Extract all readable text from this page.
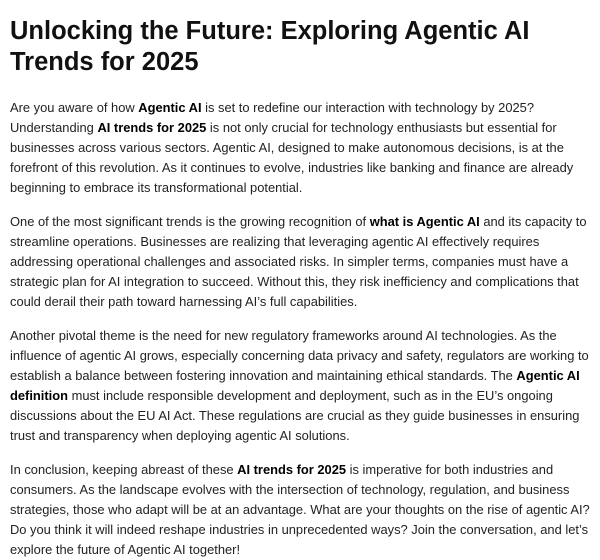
Unlocking the Future: Exploring Agentic AI Trends for 2025

Are you aware of how Agentic AI is set to redefine our interaction with technology by 2025? Understanding AI trends for 2025 is not only crucial for technology enthusiasts but essential for businesses across various sectors. Agentic AI, designed to make autonomous decisions, is at the forefront of this revolution. As it continues to evolve, industries like banking and finance are already beginning to embrace its transformational potential.

One of the most significant trends is the growing recognition of what is Agentic AI and its capacity to streamline operations. Businesses are realizing that leveraging agentic AI effectively requires addressing operational challenges and associated risks. In simpler terms, companies must have a strategic plan for AI integration to succeed. Without this, they risk inefficiency and complications that could derail their path toward harnessing AI’s full capabilities.

Another pivotal theme is the need for new regulatory frameworks around AI technologies. As the influence of agentic AI grows, especially concerning data privacy and safety, regulators are working to establish a balance between fostering innovation and maintaining ethical standards. The Agentic AI definition must include responsible development and deployment, such as in the EU’s ongoing discussions about the EU AI Act. These regulations are crucial as they guide businesses in ensuring trust and transparency when deploying agentic AI solutions.

In conclusion, keeping abreast of these AI trends for 2025 is imperative for both industries and consumers. As the landscape evolves with the intersection of technology, regulation, and business strategies, those who adapt will be at an advantage. What are your thoughts on the rise of agentic AI? Do you think it will indeed reshape industries in unprecedented ways? Join the conversation, and let’s explore the future of Agentic AI together!
